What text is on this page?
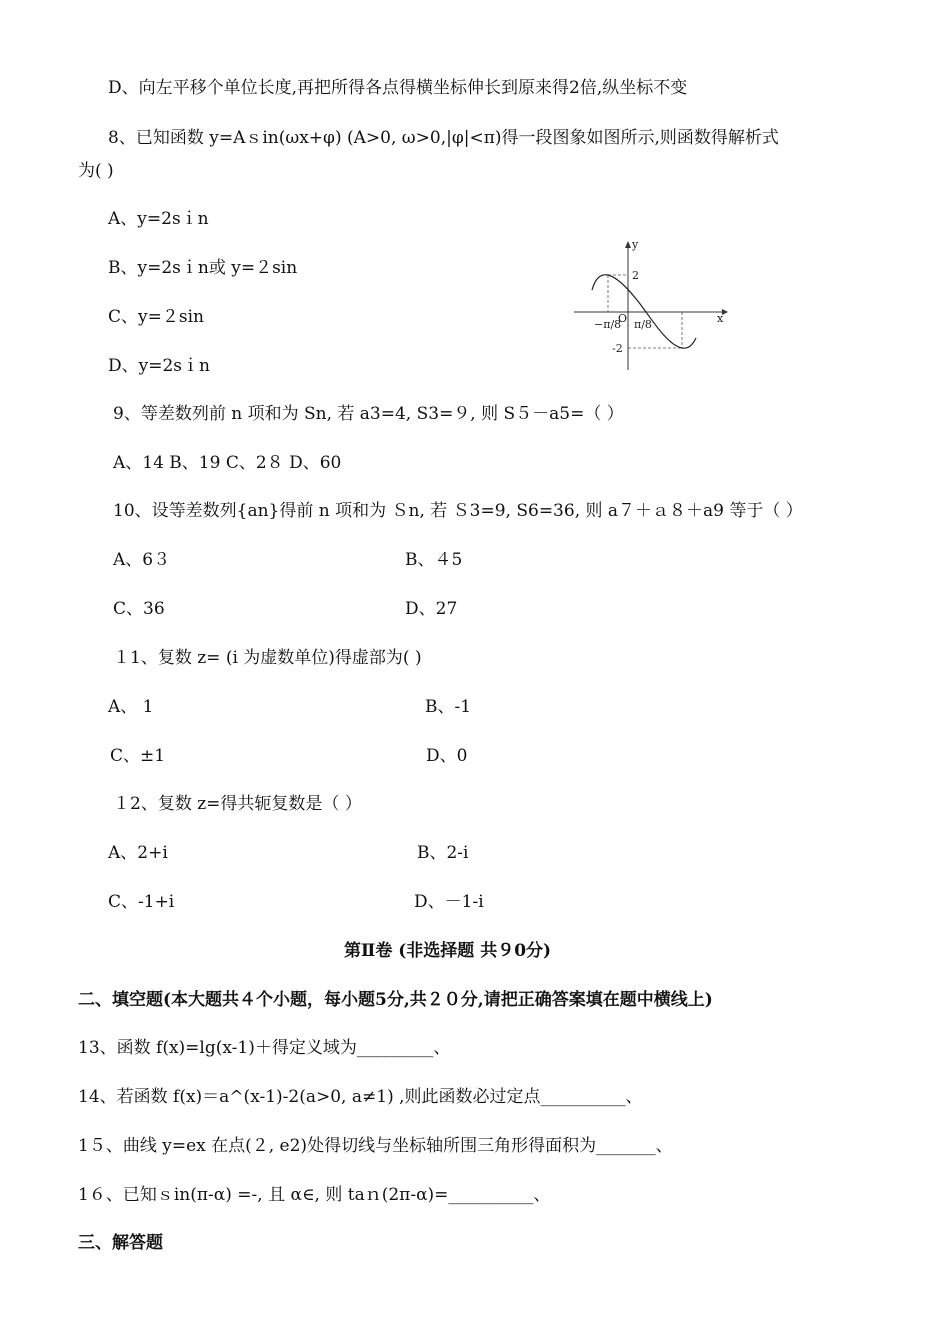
D、向左平移个单位长度,再把所得各点得横坐标伸长到原来得2倍,纵坐标不变
8、已知函数 y=Aｓin(ωx+φ) (A>0, ω>0,|φ|<π)得一段图象如图所示,则函数得解析式
为( )
A、y=2sｉn
B、y=2sｉn或 y=２sin
C、y=２sin
D、y=2sｉn
y
x
O
2
-2
−π/8 π/8
9、等差数列前 n 项和为 Sn, 若 a3=4, S3=９, 则 S５－a5=（ ）
A、14 B、19 C、2８ D、60
10、设等差数列{an}得前 n 项和为 Ｓn, 若 Ｓ3=9, S6=36, 则 a７＋ａ８＋a9 等于（ ）
A、6３	B、４5
C、36	D、27
１1、复数 z= (i 为虚数单位)得虚部为( )
A、 1	B、-1
C、±1	D、0
１2、复数 z=得共轭复数是（ ）
A、2+i	B、2-i
C、-1+i	D、－1-i
第Ⅱ卷 (非选择题 共９0分)
二、填空题(本大题共４个小题，每小题5分,共２０分,请把正确答案填在题中横线上)
13、函数 f(x)=lg(x-1)＋得定义域为_________、
14、若函数 f(x)＝a^(x-1)-2(a>0, a≠1) ,则此函数必过定点__________、
1５、曲线 y=ex 在点(２, e2)处得切线与坐标轴所围三角形得面积为_______、
1６、已知ｓin(π-α) =-, 且 α∈, 则 taｎ(2π-α)=__________、
三、解答题
